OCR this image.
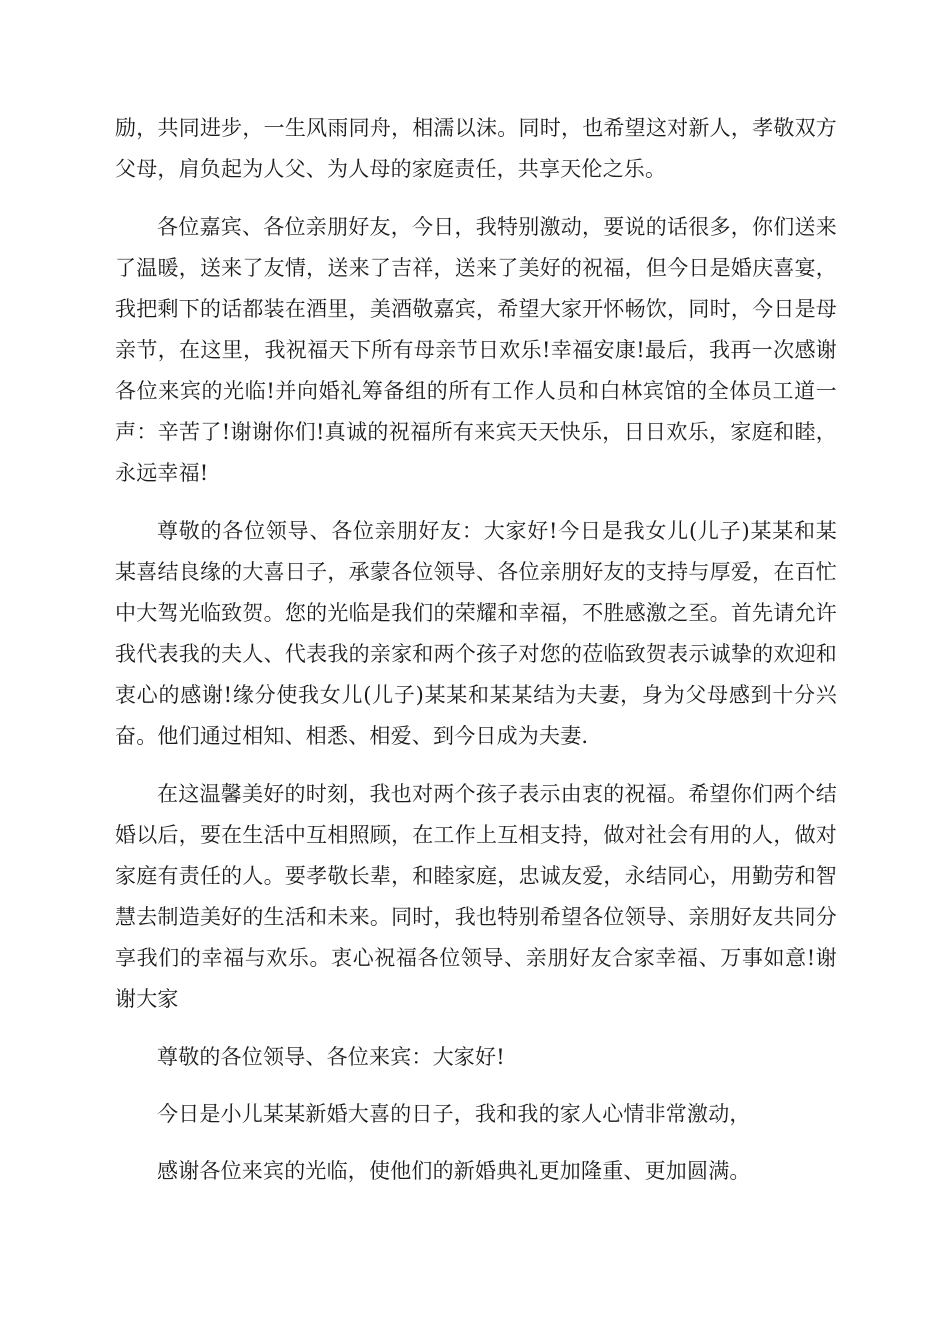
励，共同进步，一生风雨同舟，相濡以沫。同时，也希望这对新人，孝敬双方父母，肩负起为人父、为人母的家庭责任，共享天伦之乐。

各位嘉宾、各位亲朋好友，今日，我特别激动，要说的话很多，你们送来了温暖，送来了友情，送来了吉祥，送来了美好的祝福，但今日是婚庆喜宴，我把剩下的话都装在酒里，美酒敬嘉宾，希望大家开怀畅饮，同时，今日是母亲节，在这里，我祝福天下所有母亲节日欢乐!幸福安康!最后，我再一次感谢各位来宾的光临!并向婚礼筹备组的所有工作人员和白林宾馆的全体员工道一声：辛苦了!谢谢你们!真诚的祝福所有来宾天天快乐，日日欢乐，家庭和睦，永远幸福!

尊敬的各位领导、各位亲朋好友：大家好!今日是我女儿(儿子)某某和某某喜结良缘的大喜日子，承蒙各位领导、各位亲朋好友的支持与厚爱，在百忙中大驾光临致贺。您的光临是我们的荣耀和幸福，不胜感激之至。首先请允许我代表我的夫人、代表我的亲家和两个孩子对您的莅临致贺表示诚挚的欢迎和衷心的感谢!缘分使我女儿(儿子)某某和某某结为夫妻，身为父母感到十分兴奋。他们通过相知、相悉、相爱、到今日成为夫妻.

在这温馨美好的时刻，我也对两个孩子表示由衷的祝福。希望你们两个结婚以后，要在生活中互相照顾，在工作上互相支持，做对社会有用的人，做对家庭有责任的人。要孝敬长辈，和睦家庭，忠诚友爱，永结同心，用勤劳和智慧去制造美好的生活和未来。同时，我也特别希望各位领导、亲朋好友共同分享我们的幸福与欢乐。衷心祝福各位领导、亲朋好友合家幸福、万事如意!谢谢大家

尊敬的各位领导、各位来宾：大家好!

今日是小儿某某新婚大喜的日子，我和我的家人心情非常激动，

感谢各位来宾的光临，使他们的新婚典礼更加隆重、更加圆满。
